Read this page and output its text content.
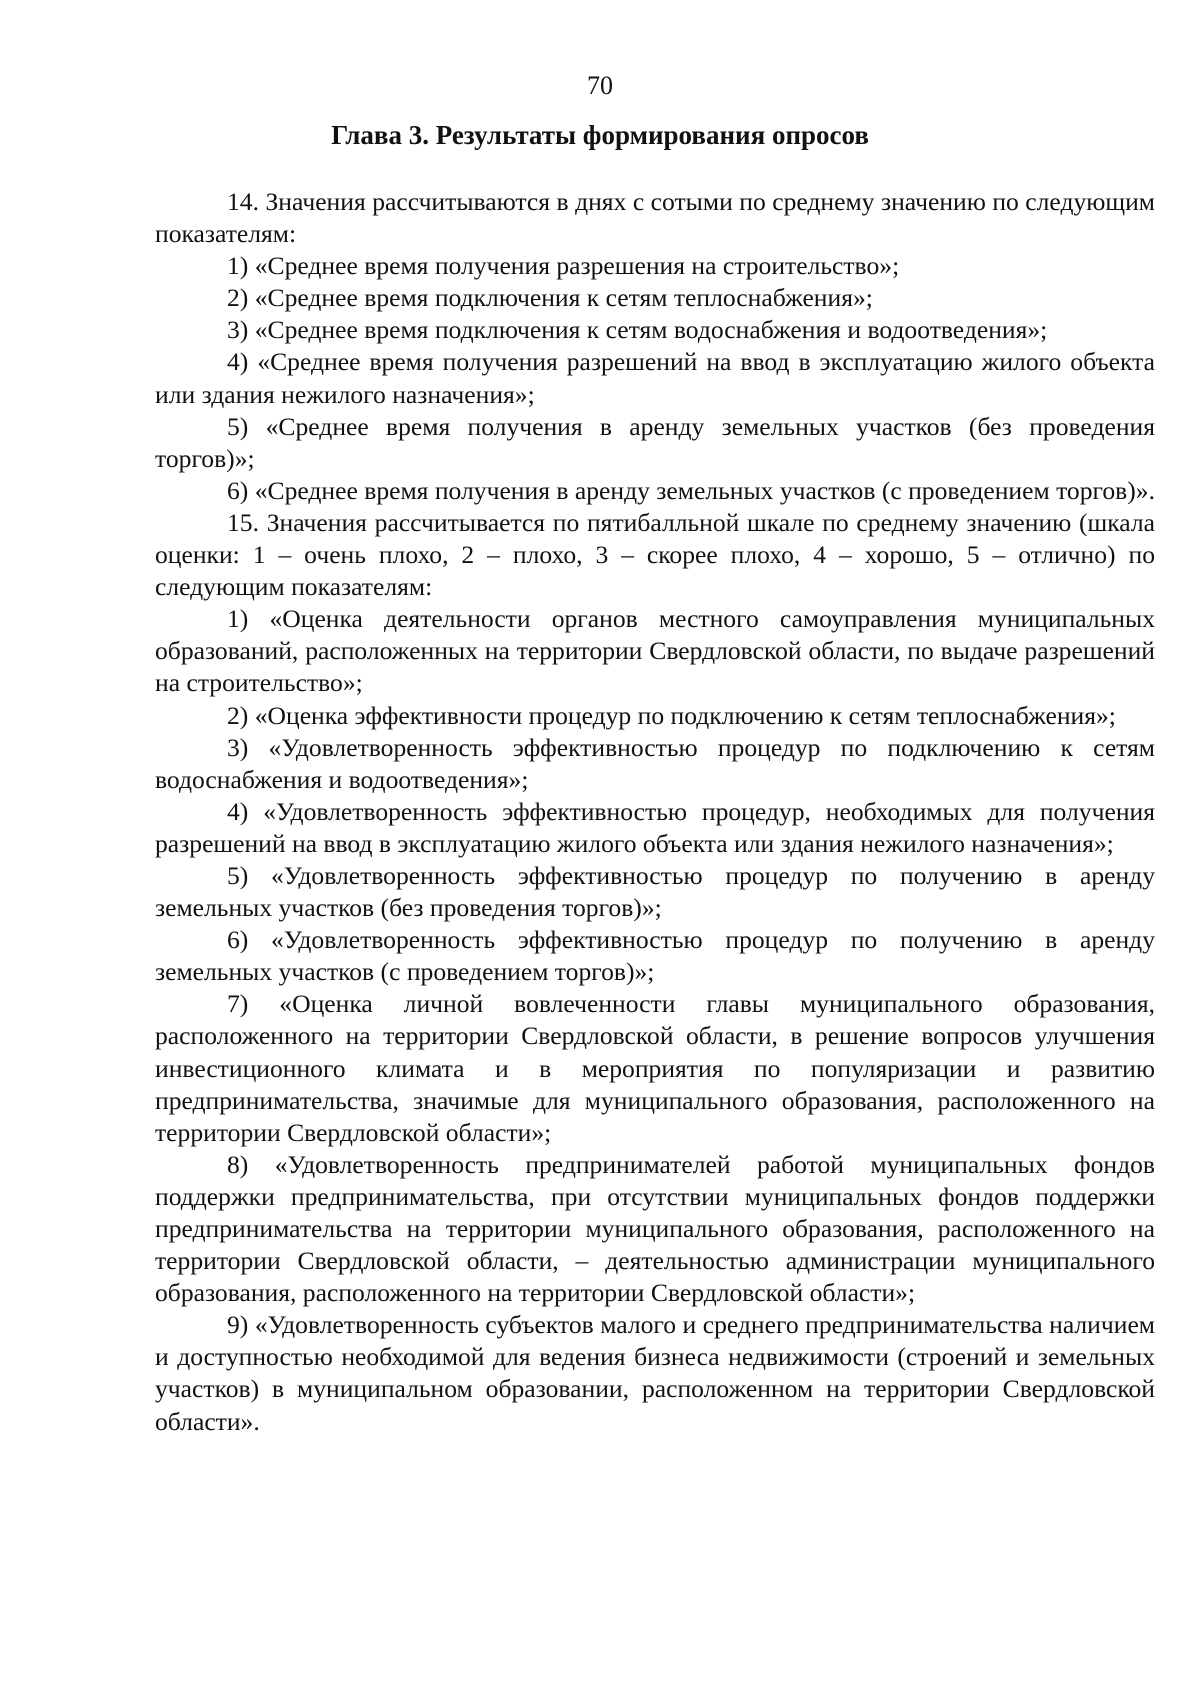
70

Глава 3. Результаты формирования опросов

14. Значения рассчитываются в днях с сотыми по среднему значению по следующим показателям:

1) «Среднее время получения разрешения на строительство»;

2) «Среднее время подключения к сетям теплоснабжения»;

3) «Среднее время подключения к сетям водоснабжения и водоотведения»;

4) «Среднее время получения разрешений на ввод в эксплуатацию жилого объекта или здания нежилого назначения»;

5) «Среднее время получения в аренду земельных участков (без проведения торгов)»;

6) «Среднее время получения в аренду земельных участков (с проведением торгов)».

15. Значения рассчитывается по пятибалльной шкале по среднему значению (шкала оценки: 1 – очень плохо, 2 – плохо, 3 – скорее плохо, 4 – хорошо, 5 – отлично) по следующим показателям:

1) «Оценка деятельности органов местного самоуправления муниципальных образований, расположенных на территории Свердловской области, по выдаче разрешений на строительство»;

2) «Оценка эффективности процедур по подключению к сетям теплоснабжения»;

3) «Удовлетворенность эффективностью процедур по подключению к сетям водоснабжения и водоотведения»;

4) «Удовлетворенность эффективностью процедур, необходимых для получения разрешений на ввод в эксплуатацию жилого объекта или здания нежилого назначения»;

5) «Удовлетворенность эффективностью процедур по получению в аренду земельных участков (без проведения торгов)»;

6) «Удовлетворенность эффективностью процедур по получению в аренду земельных участков (с проведением торгов)»;

7) «Оценка личной вовлеченности главы муниципального образования, расположенного на территории Свердловской области, в решение вопросов улучшения инвестиционного климата и в мероприятия по популяризации и развитию предпринимательства, значимые для муниципального образования, расположенного на территории Свердловской области»;

8) «Удовлетворенность предпринимателей работой муниципальных фондов поддержки предпринимательства, при отсутствии муниципальных фондов поддержки предпринимательства на территории муниципального образования, расположенного на территории Свердловской области, – деятельностью администрации муниципального образования, расположенного на территории Свердловской области»;

9) «Удовлетворенность субъектов малого и среднего предпринимательства наличием и доступностью необходимой для ведения бизнеса недвижимости (строений и земельных участков) в муниципальном образовании, расположенном на территории Свердловской области».
